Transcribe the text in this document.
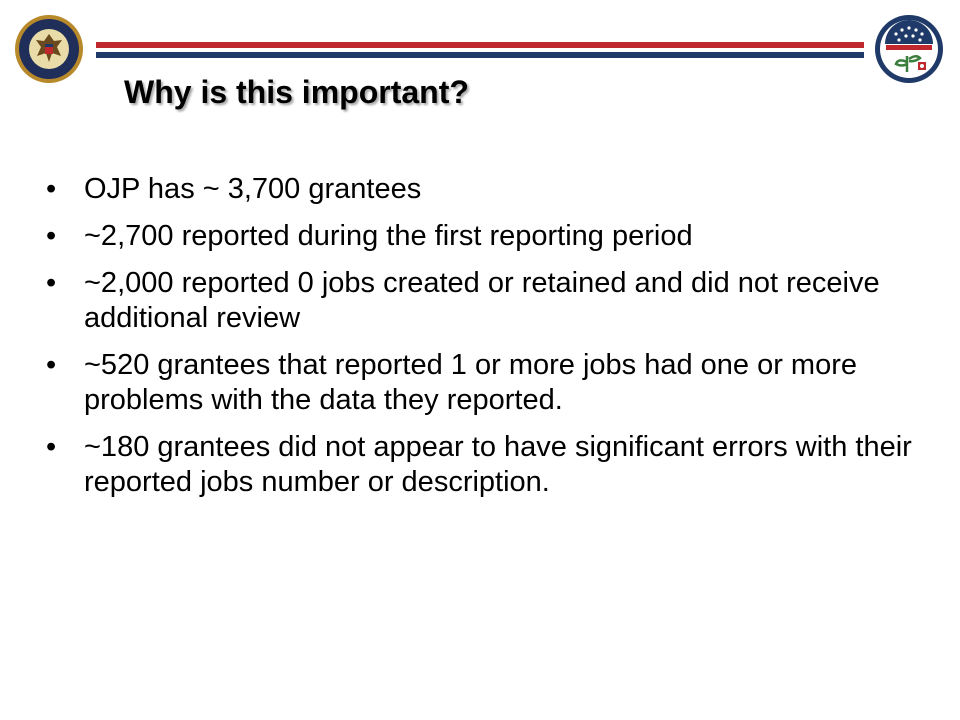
Why is this important?
• OJP has ~ 3,700 grantees
• ~2,700 reported during the first reporting period
• ~2,000 reported 0 jobs created or retained and did not receive additional review
• ~520 grantees that reported 1 or more jobs had one or more problems with the data they reported.
• ~180 grantees did not appear to have significant errors with their reported jobs number or description.
